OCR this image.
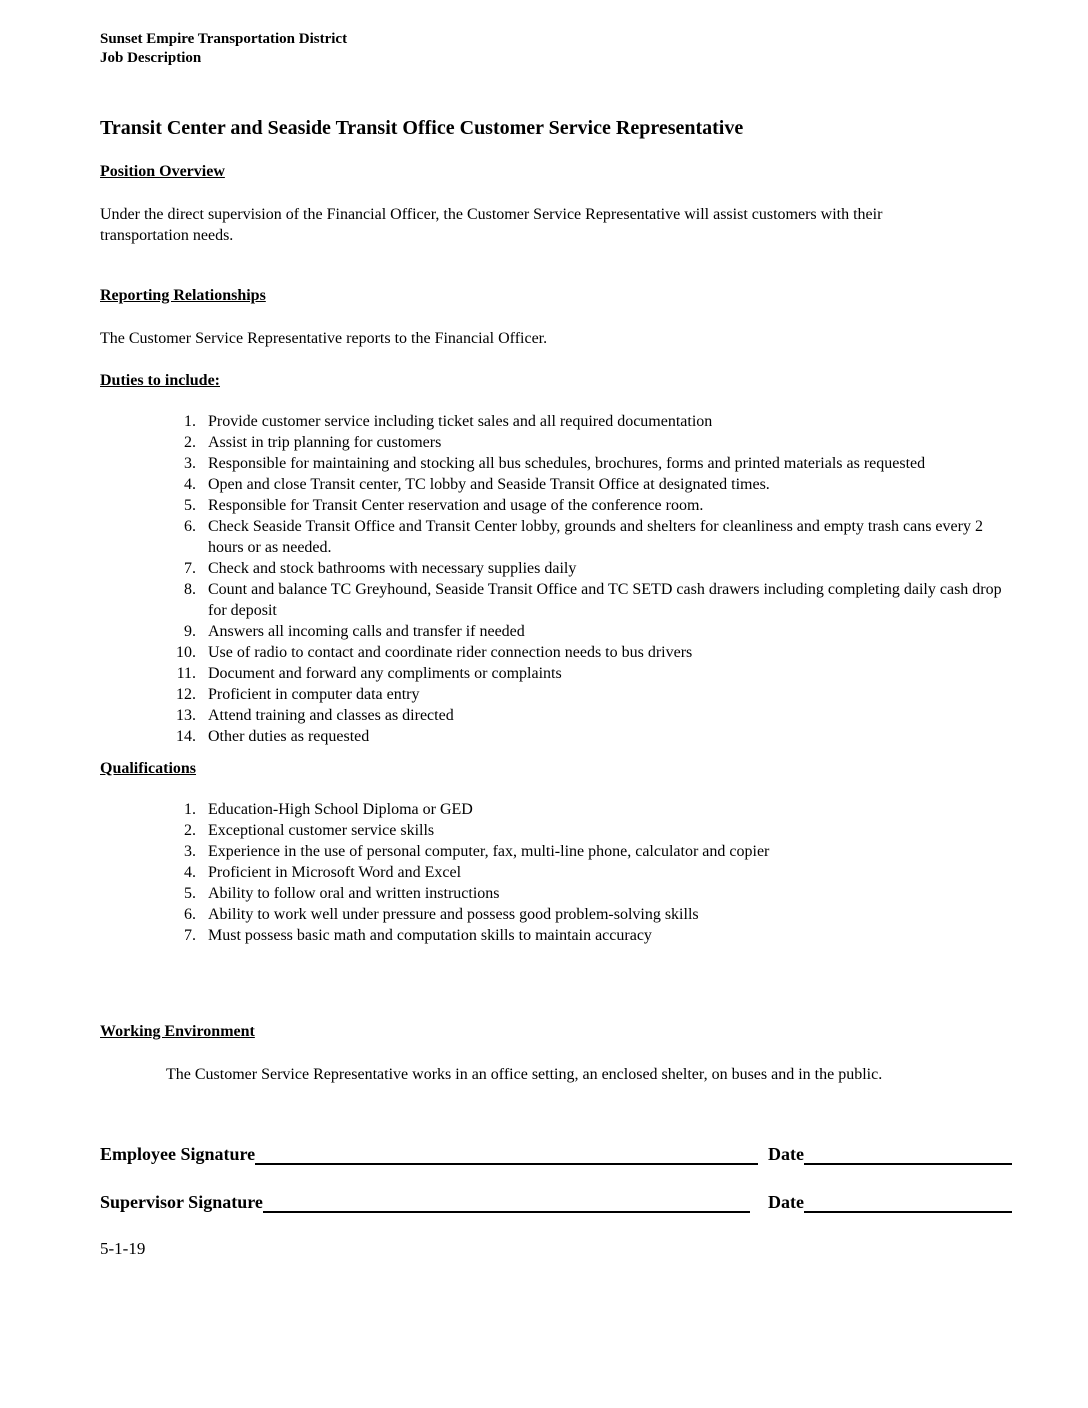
Sunset Empire Transportation District
Job Description
Transit Center and Seaside Transit Office Customer Service Representative
Position Overview

Under the direct supervision of the Financial Officer, the Customer Service Representative will assist customers with their transportation needs.

Reporting Relationships

The Customer Service Representative reports to the Financial Officer.

Duties to include:
1. Provide customer service including ticket sales and all required documentation
2. Assist in trip planning for customers
3. Responsible for maintaining and stocking all bus schedules, brochures, forms and printed materials as requested
4. Open and close Transit center, TC lobby and Seaside Transit Office at designated times.
5. Responsible for Transit Center reservation and usage of the conference room.
6. Check Seaside Transit Office and Transit Center lobby, grounds and shelters for cleanliness and empty trash cans every 2 hours or as needed.
7. Check and stock bathrooms with necessary supplies daily
8. Count and balance TC Greyhound, Seaside Transit Office and TC SETD cash drawers including completing daily cash drop for deposit
9. Answers all incoming calls and transfer if needed
10. Use of radio to contact and coordinate rider connection needs to bus drivers
11. Document and forward any compliments or complaints
12. Proficient in computer data entry
13. Attend training and classes as directed
14. Other duties as requested
Qualifications
1. Education-High School Diploma or GED
2. Exceptional customer service skills
3. Experience in the use of personal computer, fax, multi-line phone, calculator and copier
4. Proficient in Microsoft Word and Excel
5. Ability to follow oral and written instructions
6. Ability to work well under pressure and possess good problem-solving skills
7. Must possess basic math and computation skills to maintain accuracy
Working Environment

The Customer Service Representative works in an office setting, an enclosed shelter, on buses and in the public.

Employee Signature	Date
Supervisor Signature	Date
5-1-19
